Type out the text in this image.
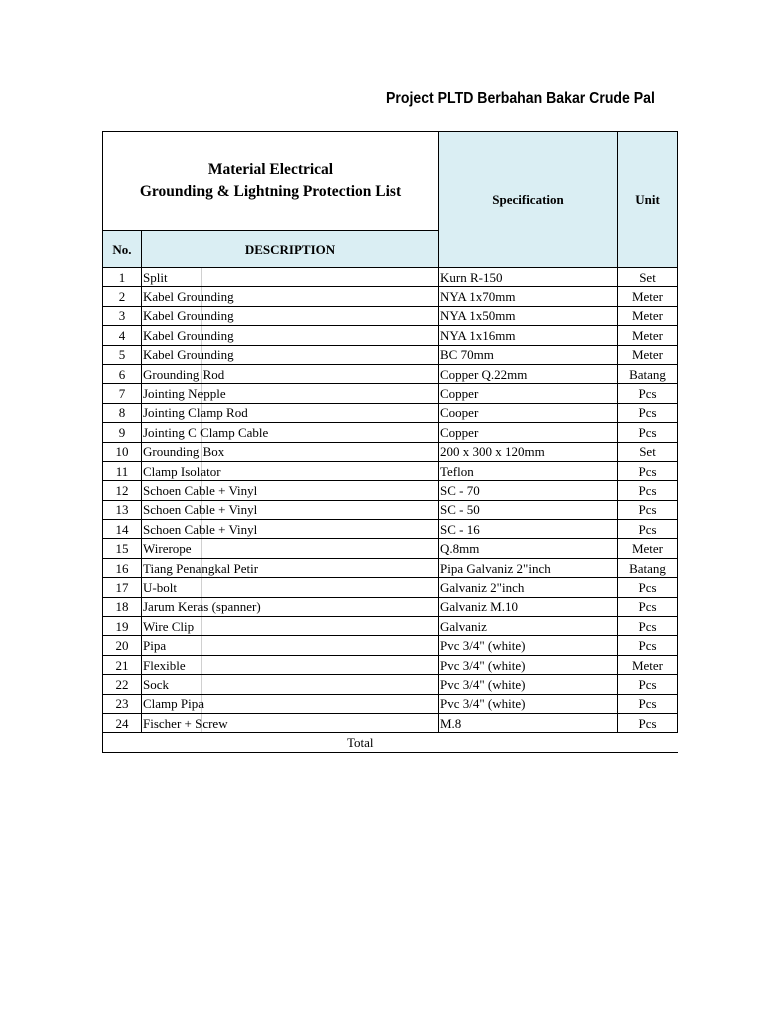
Project PLTD Berbahan Bakar Crude Pal
Material Electrical
Grounding & Lightning Protection List		Specification	Unit
No.	DESCRIPTION		
1	Split	Kurn R-150	Set
2	Kabel Grounding	NYA 1x70mm	Meter
3	Kabel Grounding	NYA 1x50mm	Meter
4	Kabel Grounding	NYA 1x16mm	Meter
5	Kabel Grounding	BC 70mm	Meter
6	Grounding Rod	Copper Q.22mm	Batang
7	Jointing Nepple	Copper	Pcs
8	Jointing Clamp Rod	Cooper	Pcs
9	Jointing C Clamp Cable	Copper	Pcs
10	Grounding Box	200 x 300 x 120mm	Set
11	Clamp Isolator	Teflon	Pcs
12	Schoen Cable + Vinyl	SC - 70	Pcs
13	Schoen Cable + Vinyl	SC - 50	Pcs
14	Schoen Cable + Vinyl	SC - 16	Pcs
15	Wirerope	Q.8mm	Meter
16	Tiang Penangkal Petir	Pipa Galvaniz 2"inch	Batang
17	U-bolt	Galvaniz 2"inch	Pcs
18	Jarum Keras (spanner)	Galvaniz M.10	Pcs
19	Wire Clip	Galvaniz	Pcs
20	Pipa	Pvc 3/4" (white)	Pcs
21	Flexible	Pvc 3/4" (white)	Meter
22	Sock	Pvc 3/4" (white)	Pcs
23	Clamp Pipa	Pvc 3/4" (white)	Pcs
24	Fischer + Screw	M.8	Pcs
Total			
